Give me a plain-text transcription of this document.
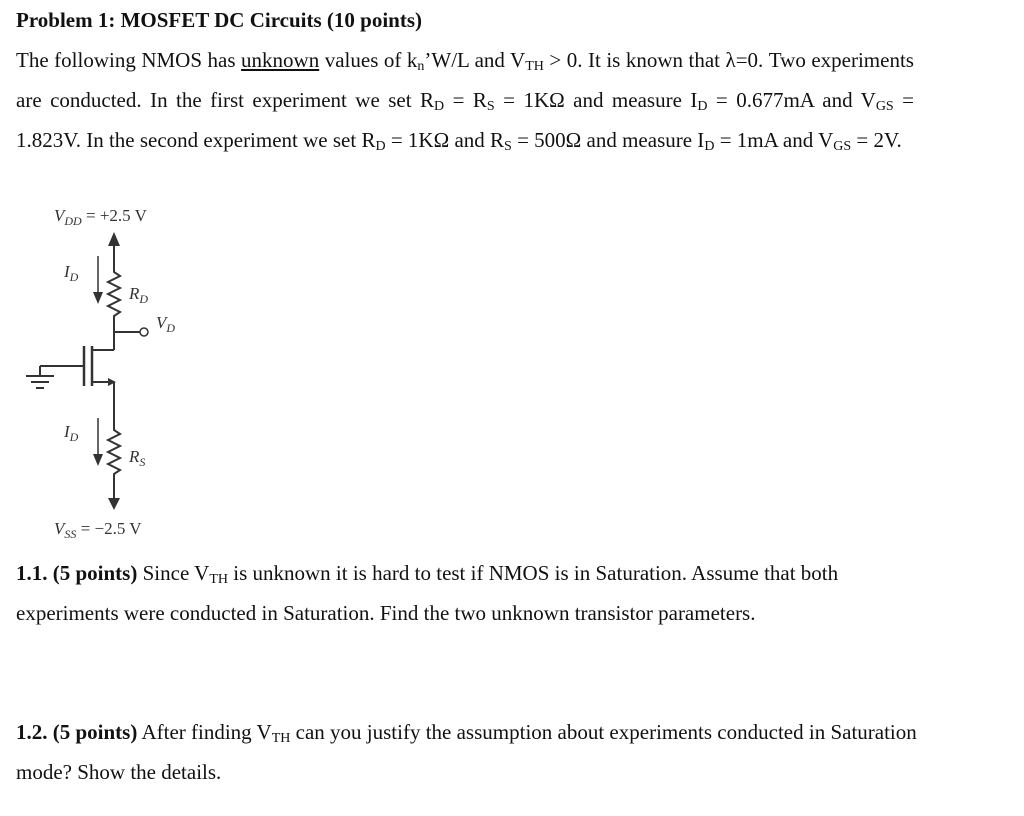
Problem 1: MOSFET DC Circuits (10 points)
The following NMOS has unknown values of $k_n’W/L$ and $V_{TH} > 0$. It is known that λ=0. Two experiments are conducted. In the first experiment we set $R_D = R_S = 1K\Omega$ and measure $I_D = 0.677mA$ and $V_{GS} = 1.823V$. In the second experiment we set $R_D = 1K\Omega$ and $R_S = 500\Omega$ and measure $I_D = 1mA$ and $V_{GS} = 2V$.
$V_{DD} = +2.5$ V
$R_D$
$I_D$
$V_D$
$R_S$
$I_D$
$V_{SS} = -2.5$ V
1.1. (5 points) Since $V_{TH}$ is unknown it is hard to test if NMOS is in Saturation. Assume that both experiments were conducted in Saturation. Find the two unknown transistor parameters.
1.2. (5 points) After finding $V_{TH}$ can you justify the assumption about experiments conducted in Saturation mode? Show the details.
